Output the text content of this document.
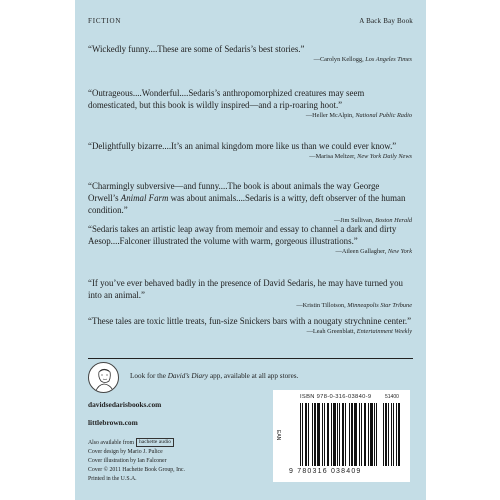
FICTION	A Back Bay Book

“Wickedly funny....These are some of Sedaris’s best stories.”

—Carolyn Kellogg, Los Angeles Times

“Outrageous....Wonderful....Sedaris’s anthropomorphized creatures may seem domesticated, but this book is wildly inspired—and a rip-roaring hoot.”

—Heller McAlpin, National Public Radio

“Delightfully bizarre....It’s an animal kingdom more like us than we could ever know.”

—Marisa Meltzer, New York Daily News

“Charmingly subversive—and funny....The book is about animals the way George Orwell’s Animal Farm was about animals....Sedaris is a witty, deft observer of the human condition.”

—Jim Sullivan, Boston Herald

“Sedaris takes an artistic leap away from memoir and essay to channel a dark and dirty Aesop....Falconer illustrated the volume with warm, gorgeous illustrations.”

—Aileen Gallagher, New York

“If you’ve ever behaved badly in the presence of David Sedaris, he may have turned you into an animal.”

—Kristin Tillotson, Minneapolis Star Tribune

“These tales are toxic little treats, fun-size Snickers bars with a nougaty strychnine center.”

—Leah Greenblatt, Entertainment Weekly
Look for the David’s Diary app, available at all app stores.
davidsedarisbooks.com
littlebrown.com
Also available from hachette audio
Cover design by Mario J. Pulice
Cover illustration by Ian Falconer
Cover © 2011 Hachette Book Group, Inc.
Printed in the U.S.A.
ISBN 978-0-316-03840-9	51400
EAN
9 780316 038409
